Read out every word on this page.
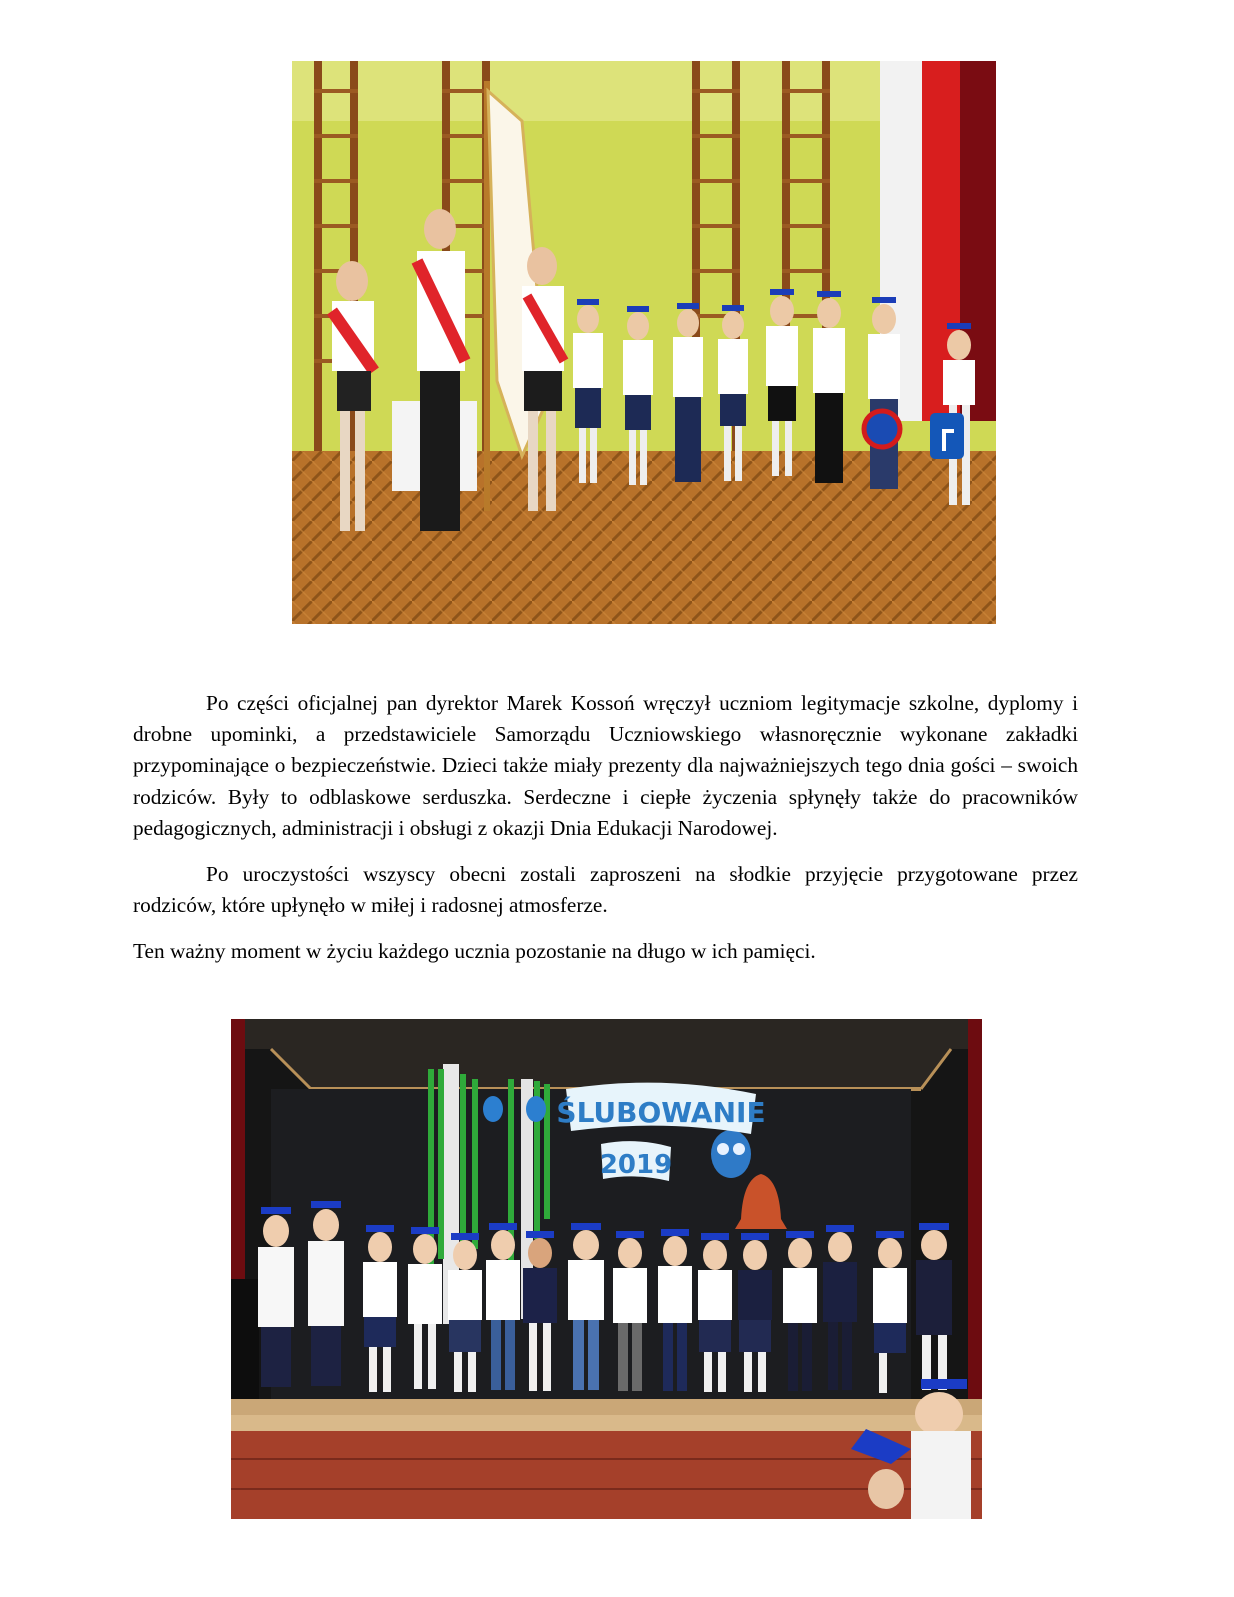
Po części oficjalnej pan dyrektor Marek Kossoń wręczył uczniom legitymacje szkolne, dyplomy i drobne upominki, a przedstawiciele Samorządu Uczniowskiego własnoręcznie wykonane zakładki przypominające o bezpieczeństwie. Dzieci także miały prezenty dla najważniejszych tego dnia gości – swoich rodziców. Były to odblaskowe serduszka. Serdeczne i ciepłe życzenia spłynęły także do pracowników pedagogicznych, administracji i obsługi z okazji Dnia Edukacji Narodowej.

Po uroczystości wszyscy obecni zostali zaproszeni na słodkie przyjęcie przygotowane przez rodziców, które upłynęło w miłej i radosnej atmosferze.

Ten ważny moment w życiu każdego ucznia pozostanie na długo w ich pamięci.

ŚLUBOWANIE
2019
